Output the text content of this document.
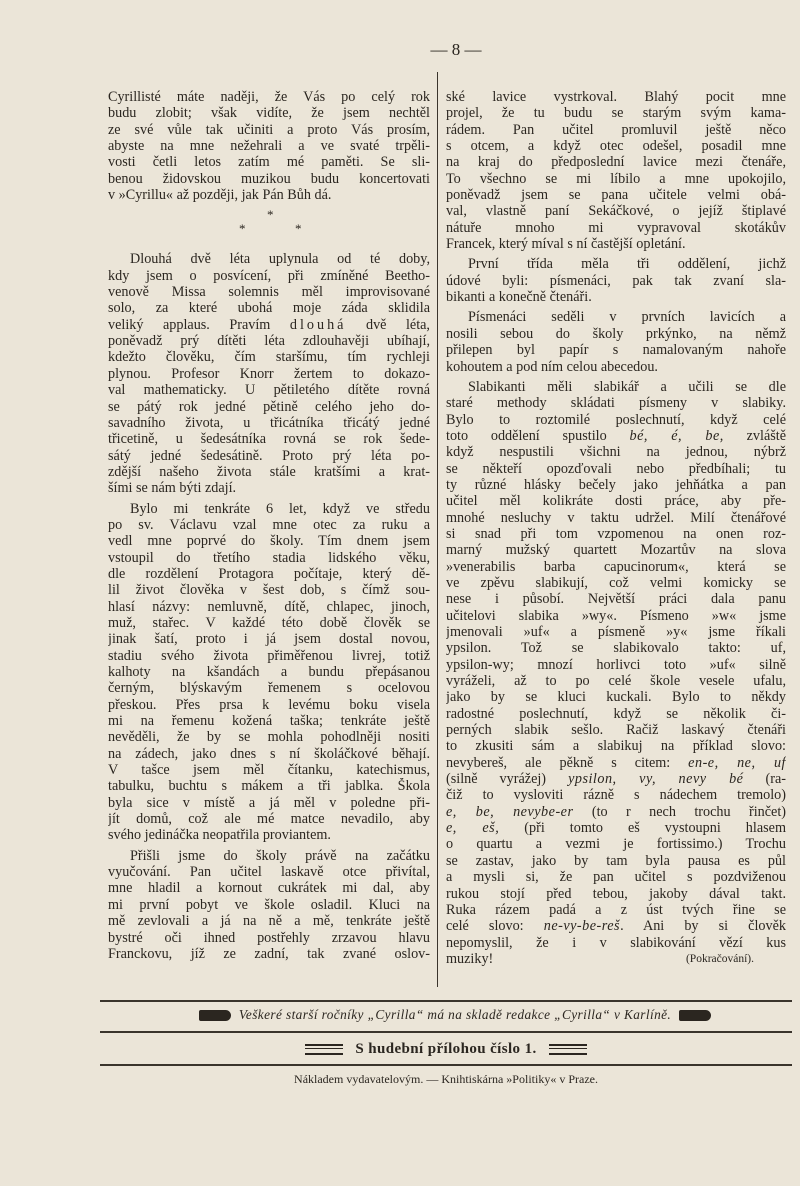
— 8 —
Cyrillisté máte naději, že Vás po celý rok
budu zlobit; však vidíte, že jsem nechtěl
ze své vůle tak učiniti a proto Vás prosím,
abyste na mne nežehrali a ve svaté trpěli-
vosti četli letos zatím mé paměti. Se sli-
benou židovskou muzikou budu koncertovati
v »Cyrillu« až později, jak Pán Bůh dá.
*
*	*
Dlouhá dvě léta uplynula od té doby,
kdy jsem o posvícení, při zmíněné Beetho-
venově Missa solemnis měl improvisované
solo, za které ubohá moje záda sklidila
veliký applaus. Pravím dlouhá dvě léta,
poněvadž prý dítěti léta zdlouhavěji ubíhají,
kdežto člověku, čím staršímu, tím rychleji
plynou. Profesor Knorr žertem to dokazo-
val mathematicky. U pětiletého dítěte rovná
se pátý rok jedné pětině celého jeho do-
savadního života, u třicátníka třicátý jedné
třicetině, u šedesátníka rovná se rok šede-
sátý jedné šedesátině. Proto prý léta po-
zdější našeho života stále kratšími a krat-
šími se nám býti zdají.
Bylo mi tenkráte 6 let, když ve středu
po sv. Václavu vzal mne otec za ruku a
vedl mne poprvé do školy. Tím dnem jsem
vstoupil do třetího stadia lidského věku,
dle rozdělení Protagora počítaje, který dě-
lil život člověka v šest dob, s čímž sou-
hlasí názvy: nemluvně, dítě, chlapec, jinoch,
muž, stařec. V každé této době člověk se
jinak šatí, proto i já jsem dostal novou,
stadiu svého života přiměřenou livrej, totiž
kalhoty na kšandách a bundu přepásanou
černým, blýskavým řemenem s ocelovou
přeskou. Přes prsa k levému boku visela
mi na řemenu kožená taška; tenkráte ještě
nevěděli, že by se mohla pohodlněji nositi
na zádech, jako dnes s ní školáčkové běhají.
V tašce jsem měl čítanku, katechismus,
tabulku, buchtu s mákem a tři jablka. Škola
byla sice v místě a já měl v poledne při-
jít domů, což ale mé matce nevadilo, aby
svého jedináčka neopatřila proviantem.
Přišli jsme do školy právě na začátku
vyučování. Pan učitel laskavě otce přivítal,
mne hladil a kornout cukrátek mi dal, aby
mi první pobyt ve škole osladil. Kluci na
mě zevlovali a já na ně a mě, tenkráte ještě
bystré oči ihned postřehly zrzavou hlavu
Franckovu, jíž ze zadní, tak zvané oslov-
ské lavice vystrkoval. Blahý pocit mne
projel, že tu budu se starým svým kama-
rádem. Pan učitel promluvil ještě něco
s otcem, a když otec odešel, posadil mne
na kraj do předposlední lavice mezi čtenáře,
To všechno se mi líbilo a mne upokojilo,
poněvadž jsem se pana učitele velmi obá-
val, vlastně paní Sekáčkové, o jejíž štiplavé
nátuře mnoho mi vypravoval skotákův
Francek, který míval s ní častější opletání.
První třída měla tři oddělení, jichž
údové byli: písmenáci, pak tak zvaní sla-
bikanti a konečně čtenáři.
Písmenáci seděli v prvních lavicích a
nosili sebou do školy prkýnko, na němž
přilepen byl papír s namalovaným nahoře
kohoutem a pod ním celou abecedou.
Slabikanti měli slabikář a učili se dle
staré methody skládati písmeny v slabiky.
Bylo to roztomilé poslechnutí, když celé
toto oddělení spustilo bé, é, be, zvláště
když nespustili všichni na jednou, nýbrž
se někteří opozďovali nebo předbíhali; tu
ty různé hlásky bečely jako jehňátka a pan
učitel měl kolikráte dosti práce, aby pře-
mnohé nesluchy v taktu udržel. Milí čtenářové
si snad při tom vzpomenou na onen roz-
marný mužský quartett Mozartův na slova
»venerabilis barba capucinorum«, která se
ve zpěvu slabikují, což velmi komicky se
nese i působí. Největší práci dala panu
učitelovi slabika »wy«. Písmeno »w« jsme
jmenovali »uf« a písmeně »y« jsme říkali
ypsilon. Tož se slabikovalo takto: uf,
ypsilon-wy; mnozí horlivci toto »uf« silně
vyráželi, až to po celé škole vesele ufalu,
jako by se kluci kuckali. Bylo to někdy
radostné poslechnutí, když se několik či-
perných slabik sešlo. Račiž laskavý čtenáři
to zkusiti sám a slabikuj na příklad slovo:
nevybereš, ale pěkně s citem: en-e, ne, uf
(silně vyrážej) ypsilon, vy, nevy bé (ra-
čiž to vysloviti rázně s nádechem tremolo)
e, be, nevybe-er (to r nech trochu řinčet)
e, eš, (při tomto eš vystoupni hlasem
o quartu a vezmi je fortissimo.) Trochu
se zastav, jako by tam byla pausa es půl
a mysli si, že pan učitel s pozdviženou
rukou stojí před tebou, jakoby dával takt.
Ruka rázem padá a z úst tvých řine se
celé slovo: ne-vy-be-reš. Ani by si člověk
nepomyslil, že i v slabikování vězí kus
muziky!	(Pokračování).
Veškeré starší ročníky „Cyrilla“ má na skladě redakce „Cyrilla“ v Karlíně.
S hudební přílohou číslo 1.
Nákladem vydavatelovým. — Knihtiskárna »Politiky« v Praze.
